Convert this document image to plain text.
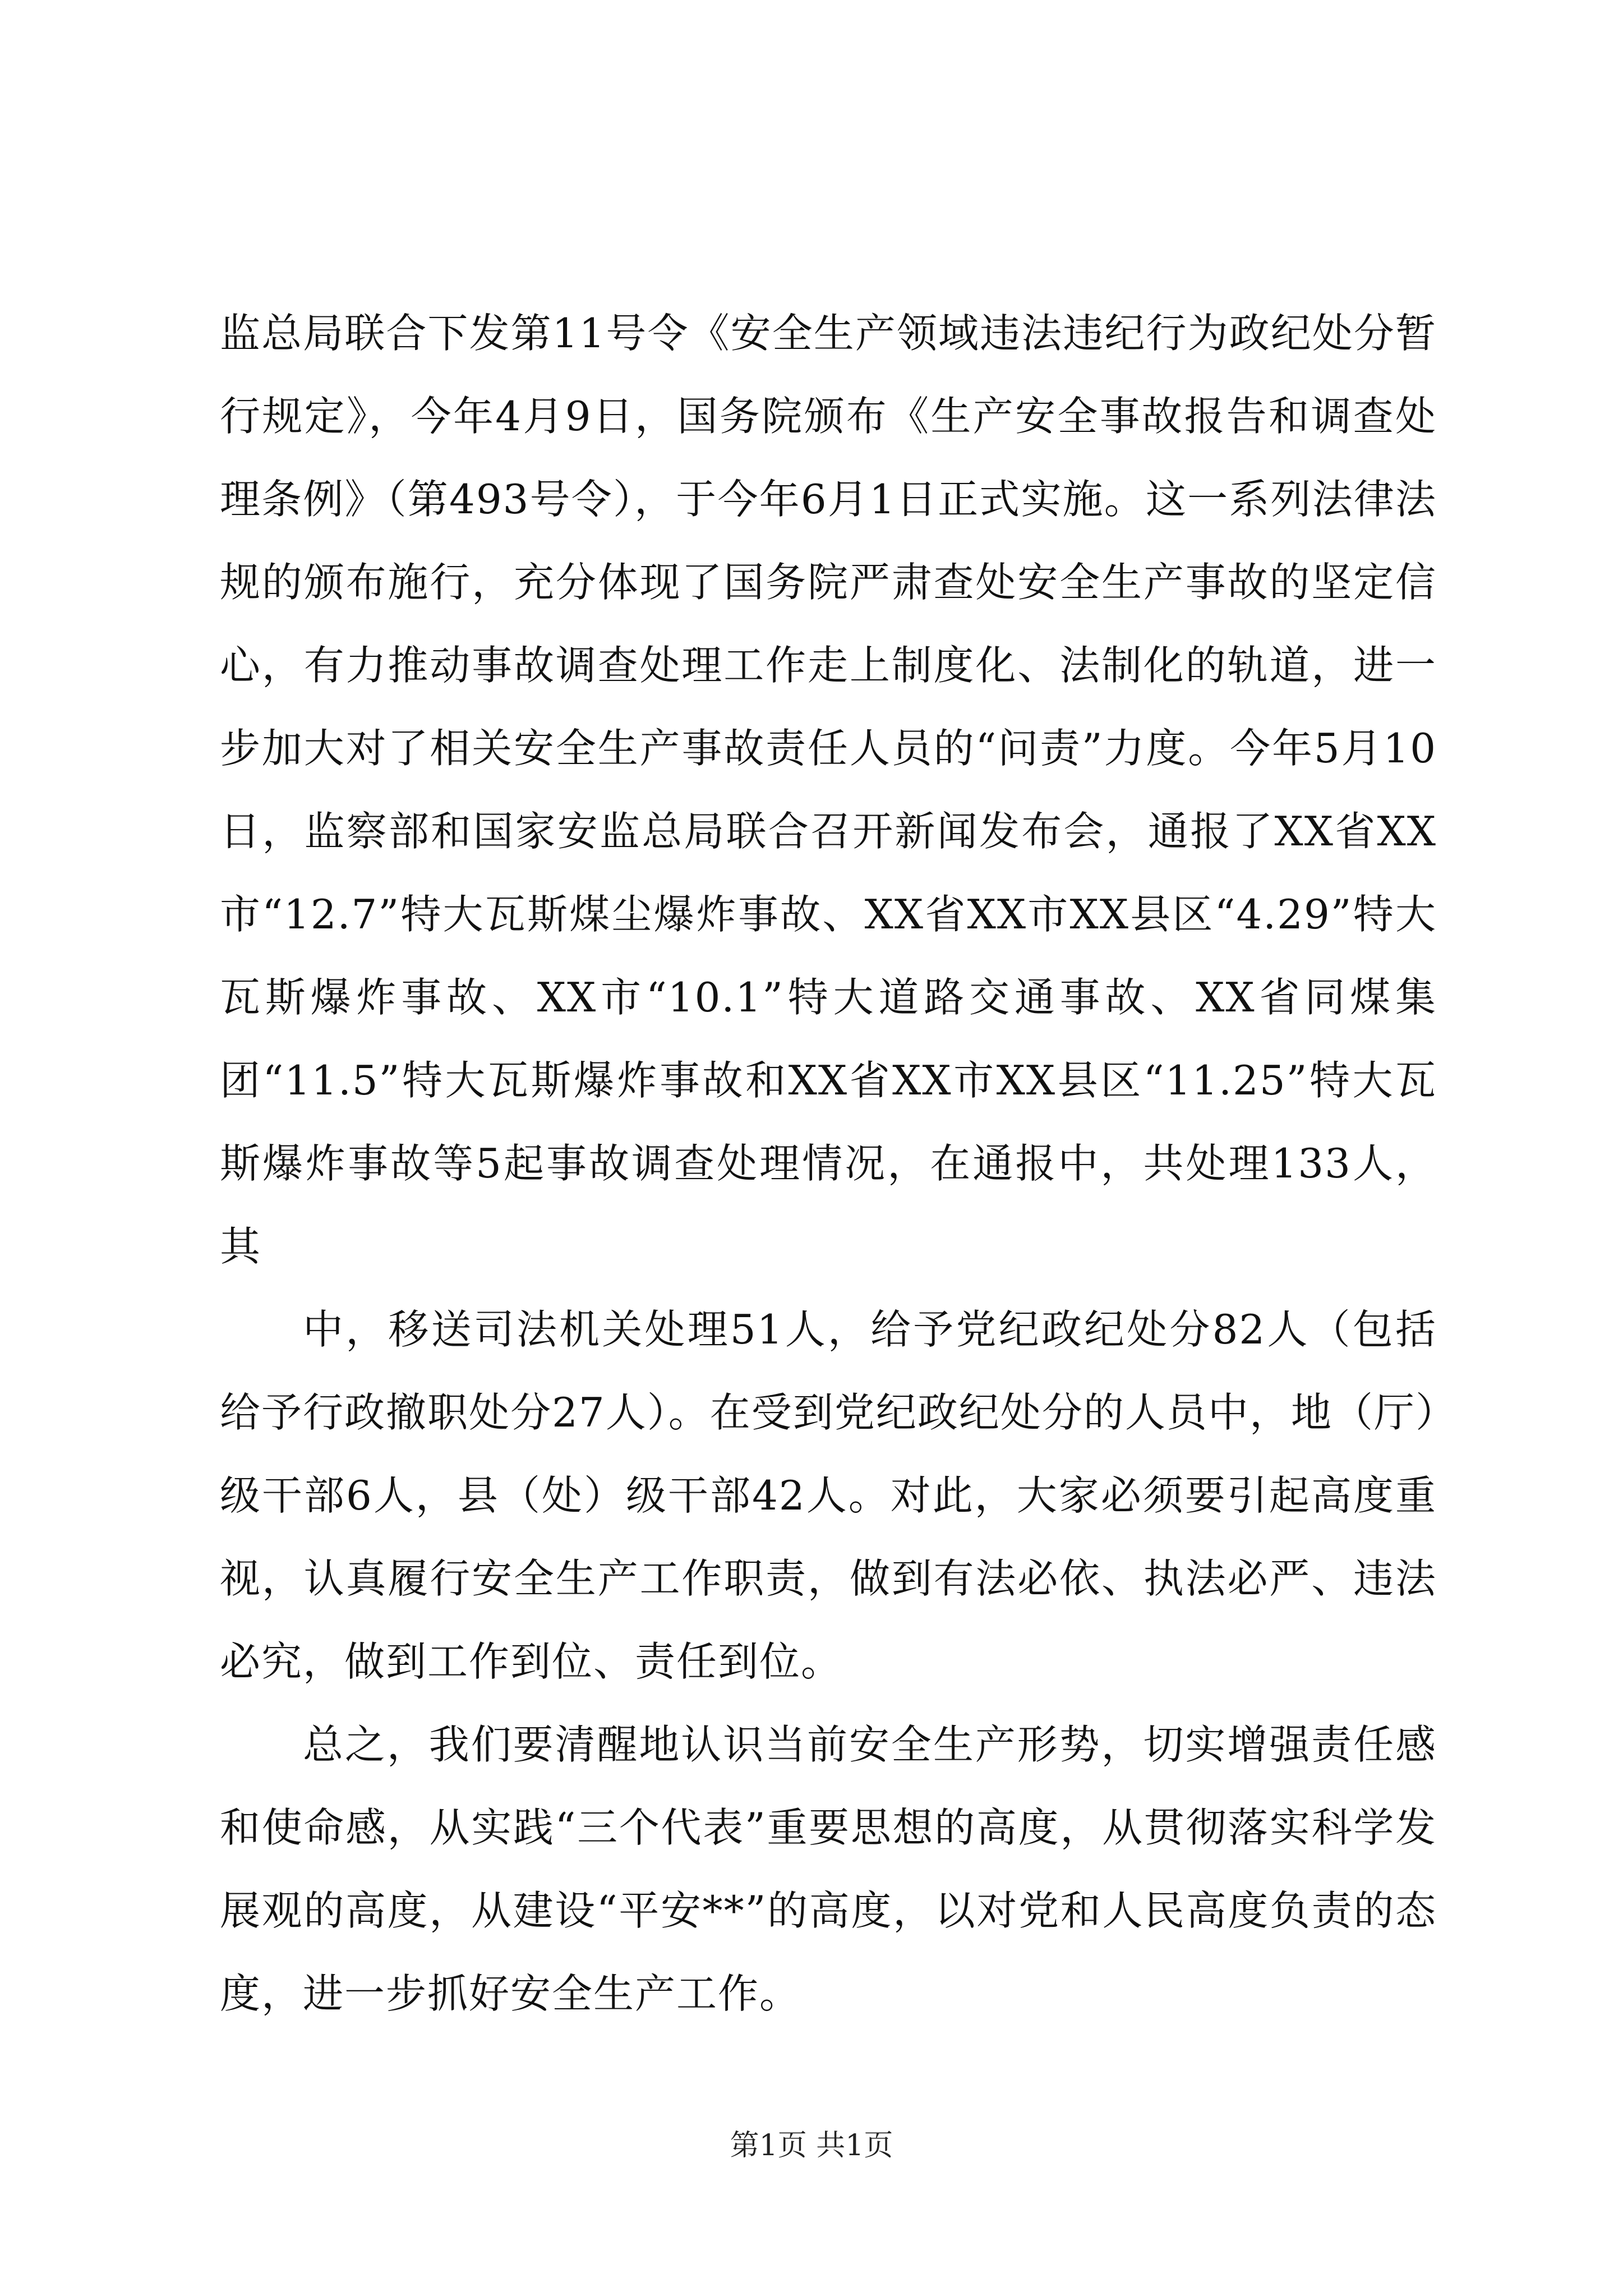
监总局联合下发第11号令《安全生产领域违法违纪行为政纪处分暂行规定》，今年4月9日，国务院颁布《生产安全事故报告和调查处理条例》（第493号令），于今年6月1日正式实施。这一系列法律法规的颁布施行，充分体现了国务院严肃查处安全生产事故的坚定信心，有力推动事故调查处理工作走上制度化、法制化的轨道，进一步加大对了相关安全生产事故责任人员的“问责”力度。今年5月10日，监察部和国家安监总局联合召开新闻发布会，通报了XX省XX市“12.7”特大瓦斯煤尘爆炸事故、XX省XX市XX县区“4.29”特大瓦斯爆炸事故、XX市“10.1”特大道路交通事故、XX省同煤集团“11.5”特大瓦斯爆炸事故和XX省XX市XX县区“11.25”特大瓦斯爆炸事故等5起事故调查处理情况，在通报中，共处理133人，其

中，移送司法机关处理51人，给予党纪政纪处分82人（包括给予行政撤职处分27人）。在受到党纪政纪处分的人员中，地（厅）级干部6人，县（处）级干部42人。对此，大家必须要引起高度重视，认真履行安全生产工作职责，做到有法必依、执法必严、违法必究，做到工作到位、责任到位。

总之，我们要清醒地认识当前安全生产形势，切实增强责任感和使命感，从实践“三个代表”重要思想的高度，从贯彻落实科学发展观的高度，从建设“平安**”的高度，以对党和人民高度负责的态度，进一步抓好安全生产工作。

第1页 共1页
